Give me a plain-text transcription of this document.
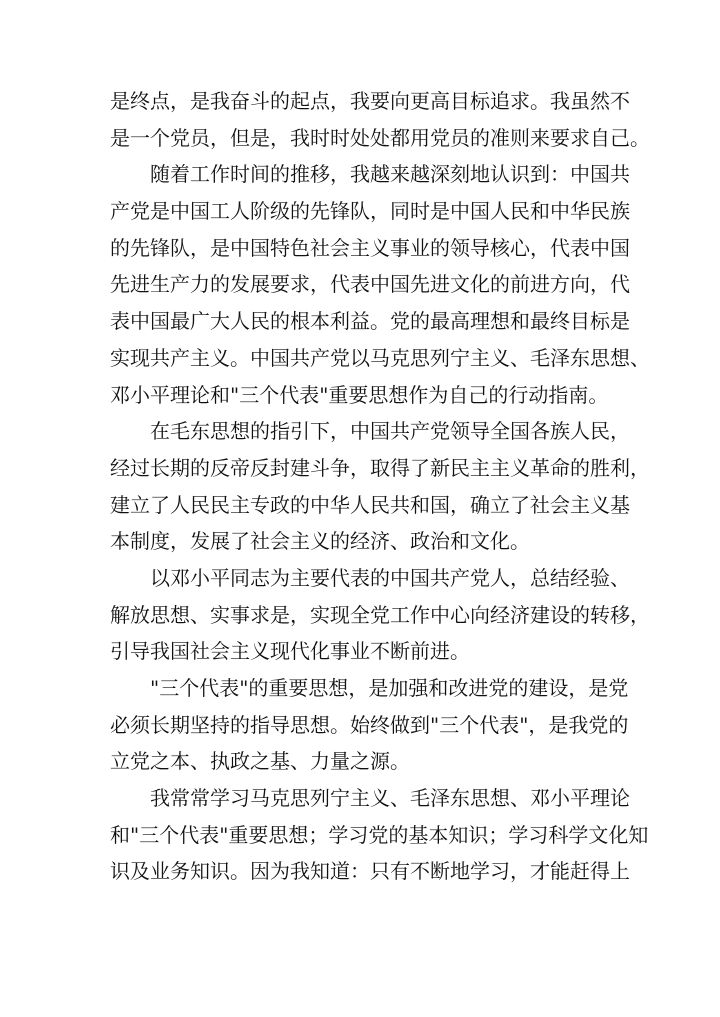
是终点，是我奋斗的起点，我要向更高目标追求。我虽然不
是一个党员，但是，我时时处处都用党员的准则来要求自己。
随着工作时间的推移，我越来越深刻地认识到：中国共
产党是中国工人阶级的先锋队，同时是中国人民和中华民族
的先锋队，是中国特色社会主义事业的领导核心，代表中国
先进生产力的发展要求，代表中国先进文化的前进方向，代
表中国最广大人民的根本利益。党的最高理想和最终目标是
实现共产主义。中国共产党以马克思列宁主义、毛泽东思想、
邓小平理论和"三个代表"重要思想作为自己的行动指南。
在毛东思想的指引下，中国共产党领导全国各族人民，
经过长期的反帝反封建斗争，取得了新民主主义革命的胜利，
建立了人民民主专政的中华人民共和国，确立了社会主义基
本制度，发展了社会主义的经济、政治和文化。
以邓小平同志为主要代表的中国共产党人，总结经验、
解放思想、实事求是，实现全党工作中心向经济建设的转移，
引导我国社会主义现代化事业不断前进。
"三个代表"的重要思想，是加强和改进党的建设，是党
必须长期坚持的指导思想。始终做到"三个代表"，是我党的
立党之本、执政之基、力量之源。
我常常学习马克思列宁主义、毛泽东思想、邓小平理论
和"三个代表"重要思想；学习党的基本知识；学习科学文化知
识及业务知识。因为我知道：只有不断地学习，才能赶得上
